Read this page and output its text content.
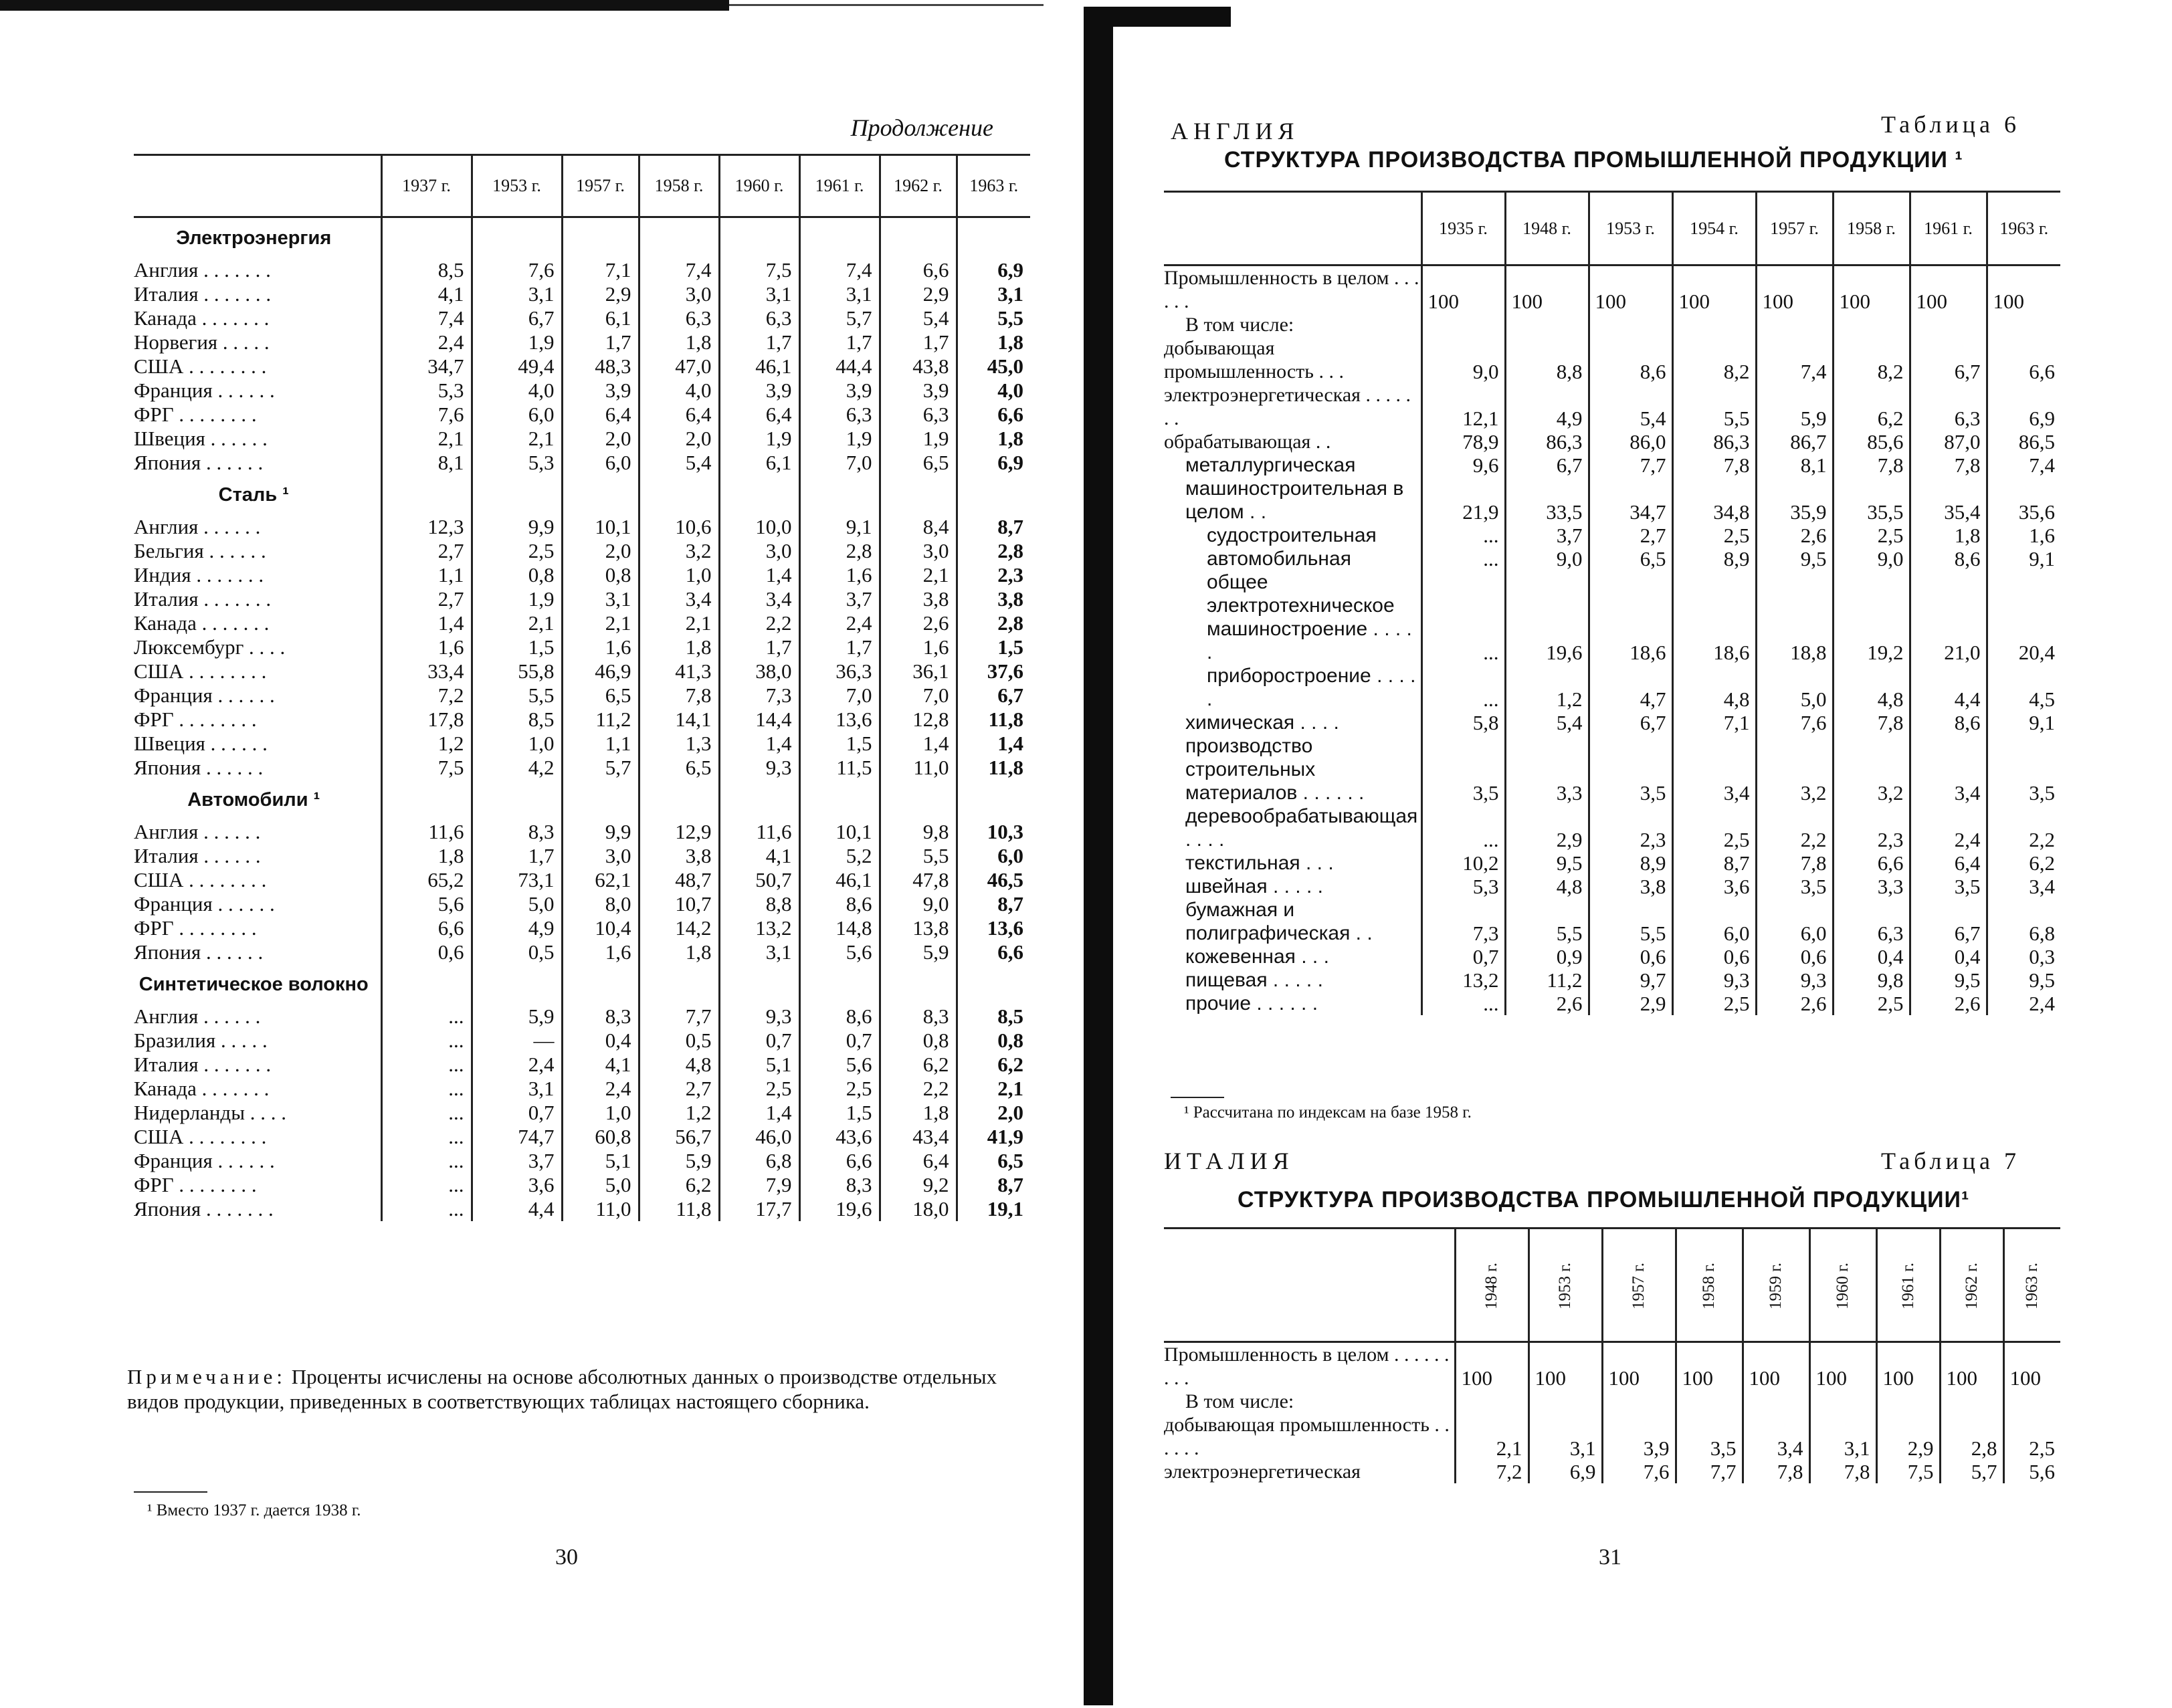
Продолжение
	1937 г.	1953 г.	1957 г.	1958 г.	1960 г.	1961 г.	1962 г.	1963 г.
Электроэнергия								
Англия . . . . . . .	8,5	7,6	7,1	7,4	7,5	7,4	6,6	6,9
Италия . . . . . . .	4,1	3,1	2,9	3,0	3,1	3,1	2,9	3,1
Канада . . . . . . .	7,4	6,7	6,1	6,3	6,3	5,7	5,4	5,5
Норвегия . . . . .	2,4	1,9	1,7	1,8	1,7	1,7	1,7	1,8
США . . . . . . . .	34,7	49,4	48,3	47,0	46,1	44,4	43,8	45,0
Франция . . . . . .	5,3	4,0	3,9	4,0	3,9	3,9	3,9	4,0
ФРГ . . . . . . . .	7,6	6,0	6,4	6,4	6,4	6,3	6,3	6,6
Швеция . . . . . .	2,1	2,1	2,0	2,0	1,9	1,9	1,9	1,8
Япония . . . . . .	8,1	5,3	6,0	5,4	6,1	7,0	6,5	6,9
Сталь ¹								
Англия . . . . . .	12,3	9,9	10,1	10,6	10,0	9,1	8,4	8,7
Бельгия . . . . . .	2,7	2,5	2,0	3,2	3,0	2,8	3,0	2,8
Индия . . . . . . .	1,1	0,8	0,8	1,0	1,4	1,6	2,1	2,3
Италия . . . . . . .	2,7	1,9	3,1	3,4	3,4	3,7	3,8	3,8
Канада . . . . . . .	1,4	2,1	2,1	2,1	2,2	2,4	2,6	2,8
Люксембург . . . .	1,6	1,5	1,6	1,8	1,7	1,7	1,6	1,5
США . . . . . . . .	33,4	55,8	46,9	41,3	38,0	36,3	36,1	37,6
Франция . . . . . .	7,2	5,5	6,5	7,8	7,3	7,0	7,0	6,7
ФРГ . . . . . . . .	17,8	8,5	11,2	14,1	14,4	13,6	12,8	11,8
Швеция . . . . . .	1,2	1,0	1,1	1,3	1,4	1,5	1,4	1,4
Япония . . . . . .	7,5	4,2	5,7	6,5	9,3	11,5	11,0	11,8
Автомобили ¹								
Англия . . . . . .	11,6	8,3	9,9	12,9	11,6	10,1	9,8	10,3
Италия . . . . . .	1,8	1,7	3,0	3,8	4,1	5,2	5,5	6,0
США . . . . . . . .	65,2	73,1	62,1	48,7	50,7	46,1	47,8	46,5
Франция . . . . . .	5,6	5,0	8,0	10,7	8,8	8,6	9,0	8,7
ФРГ . . . . . . . .	6,6	4,9	10,4	14,2	13,2	14,8	13,8	13,6
Япония . . . . . .	0,6	0,5	1,6	1,8	3,1	5,6	5,9	6,6
Синтетическое волокно								
Англия . . . . . .	...	5,9	8,3	7,7	9,3	8,6	8,3	8,5
Бразилия . . . . .	...	—	0,4	0,5	0,7	0,7	0,8	0,8
Италия . . . . . . .	...	2,4	4,1	4,8	5,1	5,6	6,2	6,2
Канада . . . . . . .	...	3,1	2,4	2,7	2,5	2,5	2,2	2,1
Нидерланды . . . .	...	0,7	1,0	1,2	1,4	1,5	1,8	2,0
США . . . . . . . .	...	74,7	60,8	56,7	46,0	43,6	43,4	41,9
Франция . . . . . .	...	3,7	5,1	5,9	6,8	6,6	6,4	6,5
ФРГ . . . . . . . .	...	3,6	5,0	6,2	7,9	8,3	9,2	8,7
Япония . . . . . . .	...	4,4	11,0	11,8	17,7	19,6	18,0	19,1
Примечание: Проценты исчислены на основе абсолютных данных о производстве отдельных видов продукции, приведенных в соответствующих таблицах настоящего сборника.
¹ Вместо 1937 г. дается 1938 г.
30
АНГЛИЯ	Таблица 6
СТРУКТУРА ПРОИЗВОДСТВА ПРОМЫШЛЕННОЙ ПРОДУКЦИИ ¹
	1935 г.	1948 г.	1953 г.	1954 г.	1957 г.	1958 г.	1961 г.	1963 г.
Промышленность в целом . . . . . .	100	100	100	100	100	100	100	100
В том числе:								
добывающая промышленность . . .	9,0	8,8	8,6	8,2	7,4	8,2	6,7	6,6
электроэнергетическая . . . . . . .	12,1	4,9	5,4	5,5	5,9	6,2	6,3	6,9
обрабатывающая . .	78,9	86,3	86,0	86,3	86,7	85,6	87,0	86,5
металлургическая	9,6	6,7	7,7	7,8	8,1	7,8	7,8	7,4
машиностроительная в целом . .	21,9	33,5	34,7	34,8	35,9	35,5	35,4	35,6
судостроительная	...	3,7	2,7	2,5	2,6	2,5	1,8	1,6
автомобильная	...	9,0	6,5	8,9	9,5	9,0	8,6	9,1
общее электротехническое машиностроение . . . . .	...	19,6	18,6	18,6	18,8	19,2	21,0	20,4
приборостроение . . . . .	...	1,2	4,7	4,8	5,0	4,8	4,4	4,5
химическая . . . .	5,8	5,4	6,7	7,1	7,6	7,8	8,6	9,1
производство строительных материалов . . . . . .	3,5	3,3	3,5	3,4	3,2	3,2	3,4	3,5
деревообрабатывающая . . . .	...	2,9	2,3	2,5	2,2	2,3	2,4	2,2
текстильная . . .	10,2	9,5	8,9	8,7	7,8	6,6	6,4	6,2
швейная . . . . .	5,3	4,8	3,8	3,6	3,5	3,3	3,5	3,4
бумажная и полиграфическая . .	7,3	5,5	5,5	6,0	6,0	6,3	6,7	6,8
кожевенная . . .	0,7	0,9	0,6	0,6	0,6	0,4	0,4	0,3
пищевая . . . . .	13,2	11,2	9,7	9,3	9,3	9,8	9,5	9,5
прочие . . . . . .	...	2,6	2,9	2,5	2,6	2,5	2,6	2,4
¹ Рассчитана по индексам на базе 1958 г.
ИТАЛИЯ	Таблица 7
СТРУКТУРА ПРОИЗВОДСТВА ПРОМЫШЛЕННОЙ ПРОДУКЦИИ¹
	1948 г.	1953 г.	1957 г.	1958 г.	1959 г.	1960 г.	1961 г.	1962 г.	1963 г.
Промышленность в целом . . . . . . . . .	100	100	100	100	100	100	100	100	100
В том числе:									
добывающая промышленность . . . . . .	2,1	3,1	3,9	3,5	3,4	3,1	2,9	2,8	2,5
электроэнергетическая	7,2	6,9	7,6	7,7	7,8	7,8	7,5	5,7	5,6
31
